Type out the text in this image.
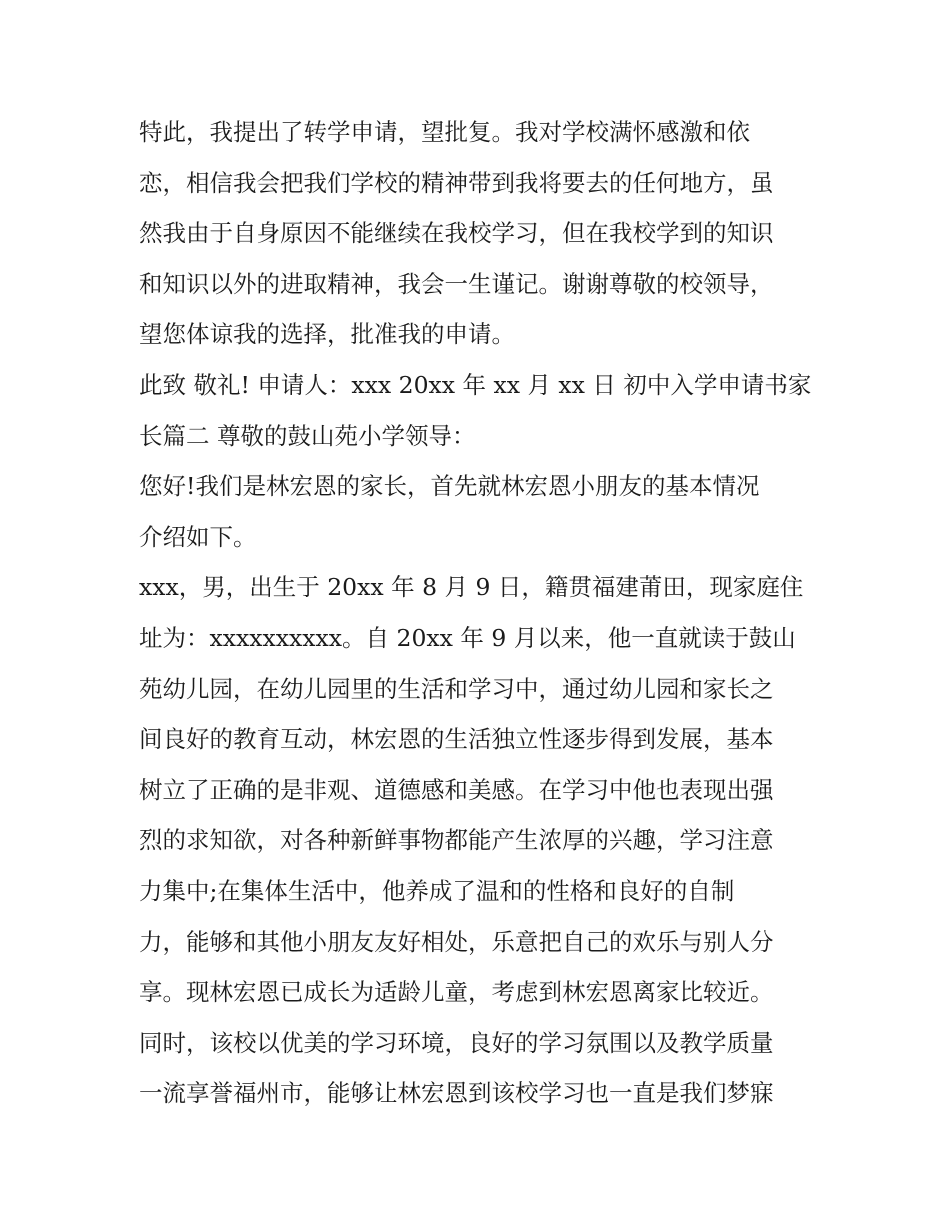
特此，我提出了转学申请，望批复。我对学校满怀感激和依
恋，相信我会把我们学校的精神带到我将要去的任何地方，虽
然我由于自身原因不能继续在我校学习，但在我校学到的知识
和知识以外的进取精神，我会一生谨记。谢谢尊敬的校领导，
望您体谅我的选择，批准我的申请。
此致 敬礼! 申请人：xxx 20xx 年 xx 月 xx 日 初中入学申请书家
长篇二 尊敬的鼓山苑小学领导：
您好!我们是林宏恩的家长，首先就林宏恩小朋友的基本情况
介绍如下。
xxx，男，出生于 20xx 年 8 月 9 日，籍贯福建莆田，现家庭住
址为：xxxxxxxxxx。自 20xx 年 9 月以来，他一直就读于鼓山
苑幼儿园，在幼儿园里的生活和学习中，通过幼儿园和家长之
间良好的教育互动，林宏恩的生活独立性逐步得到发展，基本
树立了正确的是非观、道德感和美感。在学习中他也表现出强
烈的求知欲，对各种新鲜事物都能产生浓厚的兴趣，学习注意
力集中;在集体生活中，他养成了温和的性格和良好的自制
力，能够和其他小朋友友好相处，乐意把自己的欢乐与别人分
享。现林宏恩已成长为适龄儿童，考虑到林宏恩离家比较近。
同时，该校以优美的学习环境，良好的学习氛围以及教学质量
一流享誉福州市，能够让林宏恩到该校学习也一直是我们梦寐
